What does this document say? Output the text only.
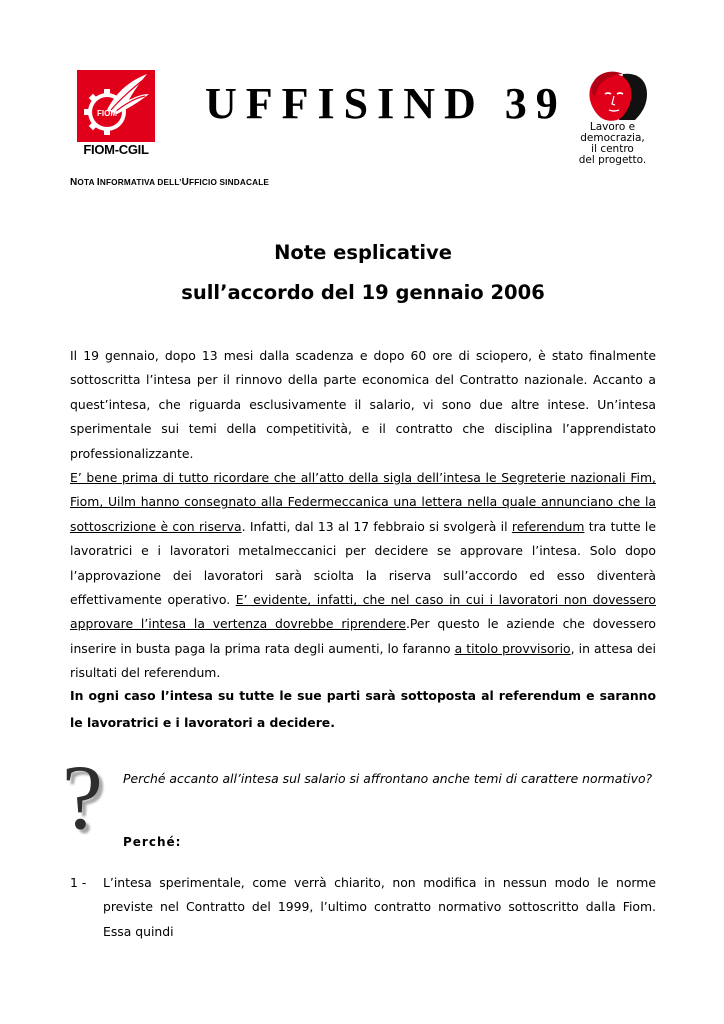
FIOM
FIOM-CGIL
UFFISIND 39	Lavoro e
democrazia,
il centro
del progetto.
NOTA INFORMATIVA DELL’UFFICIO SINDACALE
Note esplicative
sull’accordo del 19 gennaio 2006

Il 19 gennaio, dopo 13 mesi dalla scadenza e dopo 60 ore di sciopero, è stato finalmente sottoscritta l’intesa per il rinnovo della parte economica del Contratto nazionale. Accanto a quest’intesa, che riguarda esclusivamente il salario, vi sono due altre intese. Un’intesa sperimentale sui temi della competitività, e il contratto che disciplina l’apprendistato professionalizzante.

E’ bene prima di tutto ricordare che all’atto della sigla dell’intesa le Segreterie nazionali Fim, Fiom, Uilm hanno consegnato alla Federmeccanica una lettera nella quale annunciano che la sottoscrizione è con riserva. Infatti, dal 13 al 17 febbraio si svolgerà il referendum tra tutte le lavoratrici e i lavoratori metalmeccanici per decidere se approvare l’intesa. Solo dopo l’approvazione dei lavoratori sarà sciolta la riserva sull’accordo ed esso diventerà effettivamente operativo. E’ evidente, infatti, che nel caso in cui i lavoratori non dovessero approvare l’intesa la vertenza dovrebbe riprendere.Per questo le aziende che dovessero inserire in busta paga la prima rata degli aumenti, lo faranno a titolo provvisorio, in attesa dei risultati del referendum.

In ogni caso l’intesa su tutte le sue parti sarà sottoposta al referendum e saranno le lavoratrici e i lavoratori a decidere.
?	Perché accanto all’intesa sul salario si affrontano anche temi di carattere normativo?
Perché:
1 -	L’intesa sperimentale, come verrà chiarito, non modifica in nessun modo le norme previste nel Contratto del 1999, l’ultimo contratto normativo sottoscritto dalla Fiom. Essa quindi
